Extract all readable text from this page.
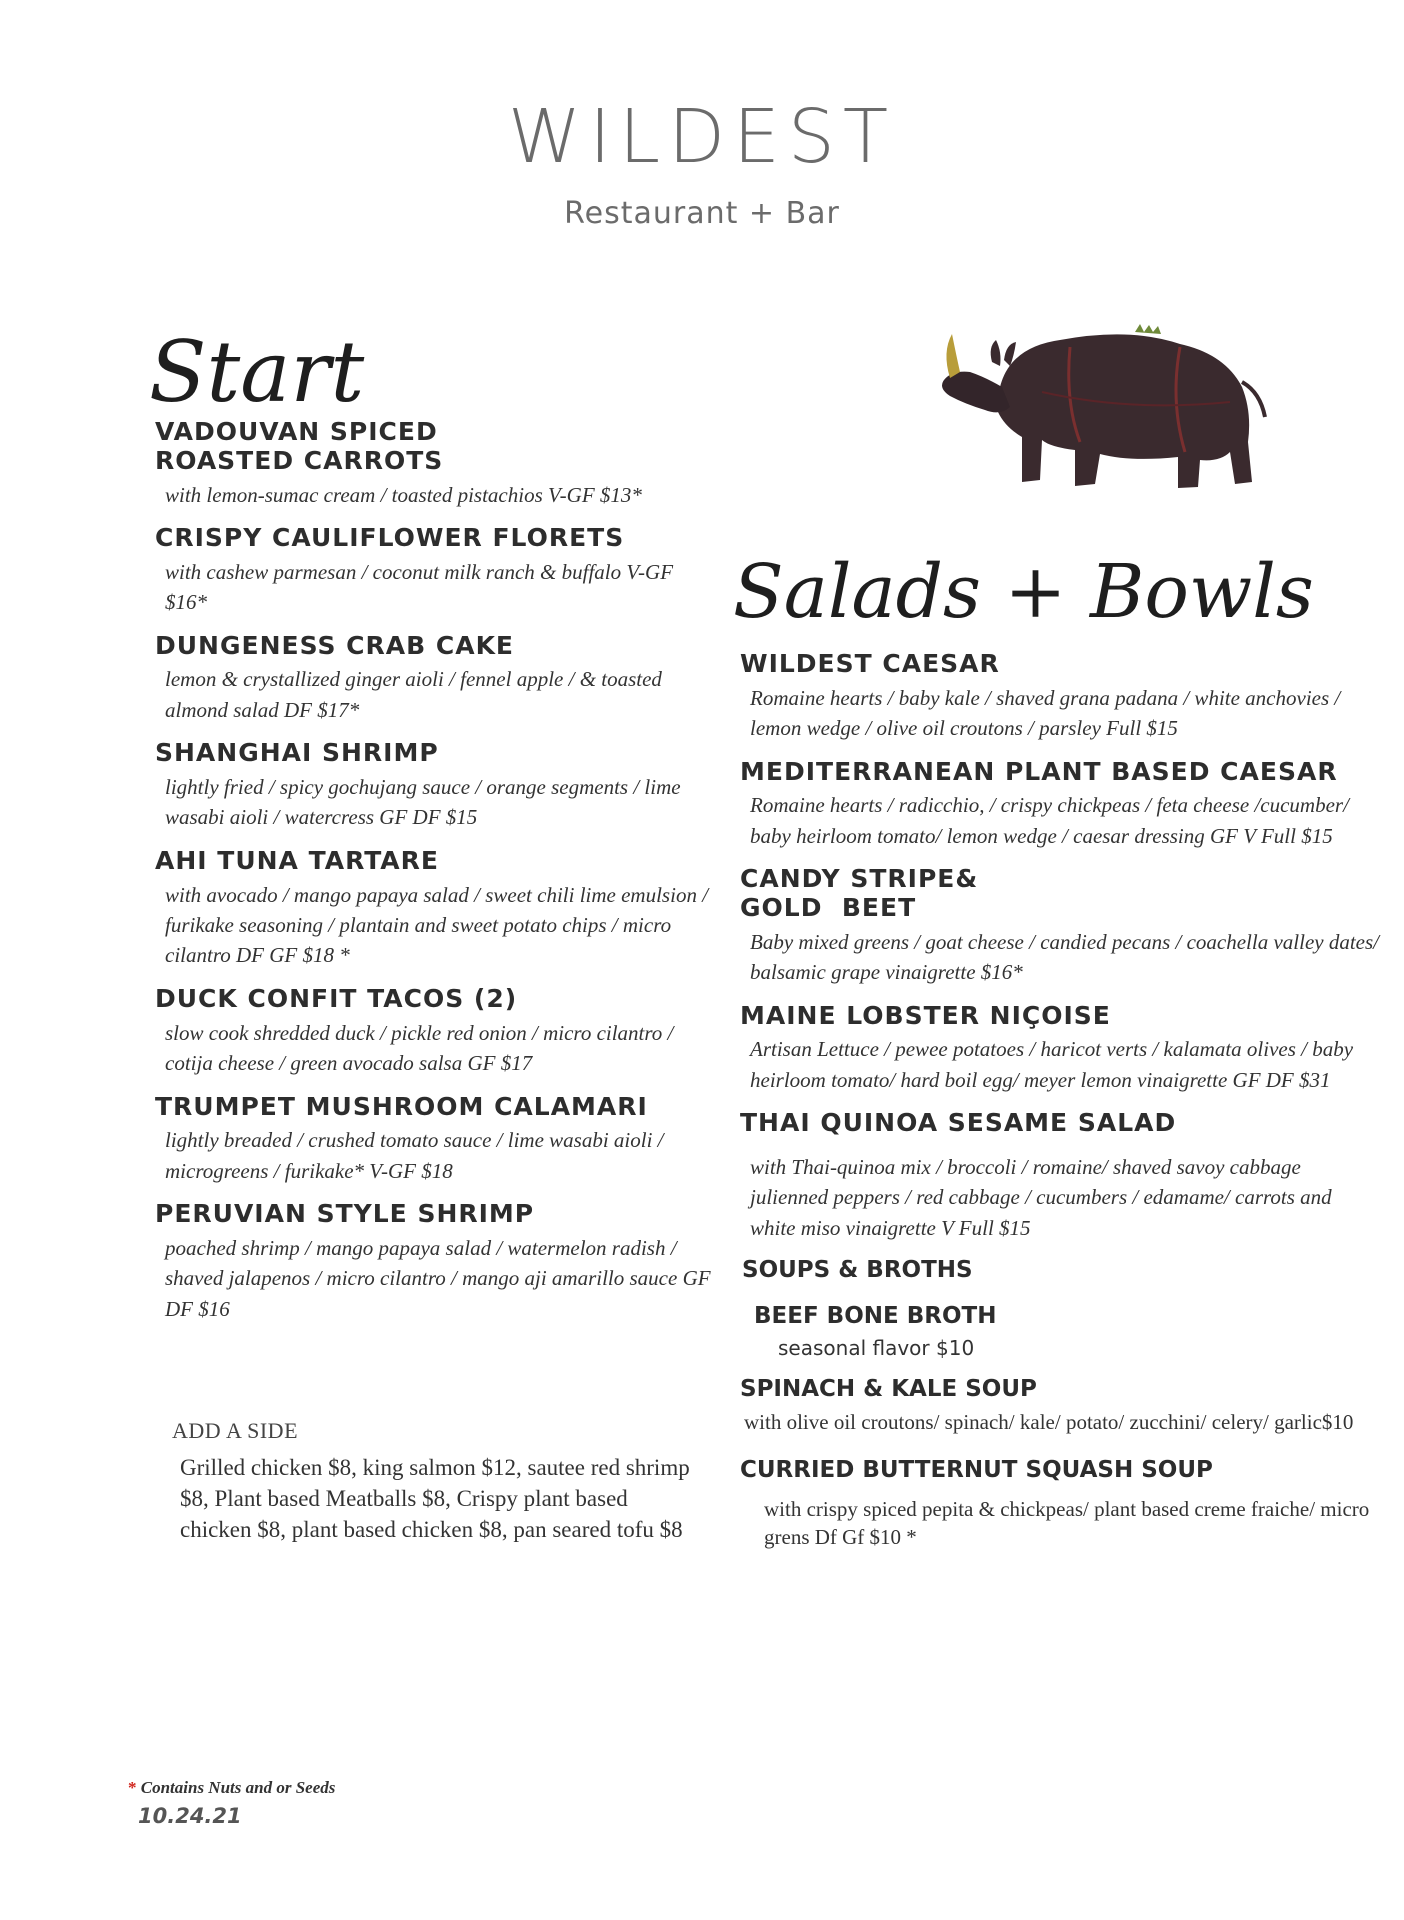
WILDEST
Restaurant + Bar
Start
VADOUVAN SPICED
ROASTED CARROTS
with lemon-sumac cream / toasted pistachios V-GF $13*
CRISPY CAULIFLOWER FLORETS
with cashew parmesan / coconut milk ranch & buffalo V-GF $16*
DUNGENESS CRAB CAKE
lemon & crystallized ginger aioli / fennel apple / & toasted almond salad DF $17*
SHANGHAI SHRIMP
lightly fried / spicy gochujang sauce / orange segments / lime wasabi aioli / watercress GF DF $15
AHI TUNA TARTARE
with avocado / mango papaya salad / sweet chili lime emulsion / furikake seasoning / plantain and sweet potato chips / micro cilantro DF GF $18 *
DUCK CONFIT TACOS (2)
slow cook shredded duck / pickle red onion / micro cilantro / cotija cheese / green avocado salsa GF $17
TRUMPET MUSHROOM CALAMARI
lightly breaded / crushed tomato sauce / lime wasabi aioli / microgreens / furikake* V-GF $18
PERUVIAN STYLE SHRIMP
poached shrimp / mango papaya salad / watermelon radish / shaved jalapenos / micro cilantro / mango aji amarillo sauce GF DF $16
ADD A SIDE
Grilled chicken $8, king salmon $12, sautee red shrimp $8, Plant based Meatballs $8, Crispy plant based chicken $8, plant based chicken $8, pan seared tofu $8
Salads + Bowls
WILDEST CAESAR
Romaine hearts / baby kale / shaved grana padana / white anchovies / lemon wedge / olive oil croutons / parsley Full $15
MEDITERRANEAN PLANT BASED CAESAR
Romaine hearts / radicchio, / crispy chickpeas / feta cheese /cucumber/ baby heirloom tomato/ lemon wedge / caesar dressing GF V Full $15
CANDY STRIPE&
GOLD  BEET
Baby mixed greens / goat cheese / candied pecans / coachella valley dates/ balsamic grape vinaigrette $16*
MAINE LOBSTER NIÇOISE
Artisan Lettuce / pewee potatoes / haricot verts / kalamata olives / baby heirloom tomato/ hard boil egg/ meyer lemon vinaigrette GF DF $31
THAI QUINOA SESAME SALAD
with Thai-quinoa mix / broccoli / romaine/ shaved savoy cabbage julienned peppers / red cabbage / cucumbers / edamame/ carrots and white miso vinaigrette V Full $15
SOUPS & BROTHS
BEEF BONE BROTH
seasonal flavor $10
SPINACH & KALE SOUP
with olive oil croutons/ spinach/ kale/ potato/ zucchini/ celery/ garlic$10
CURRIED BUTTERNUT SQUASH SOUP
with crispy spiced pepita & chickpeas/ plant based creme fraiche/ micro grens Df Gf $10 *
* Contains Nuts and or Seeds
10.24.21
